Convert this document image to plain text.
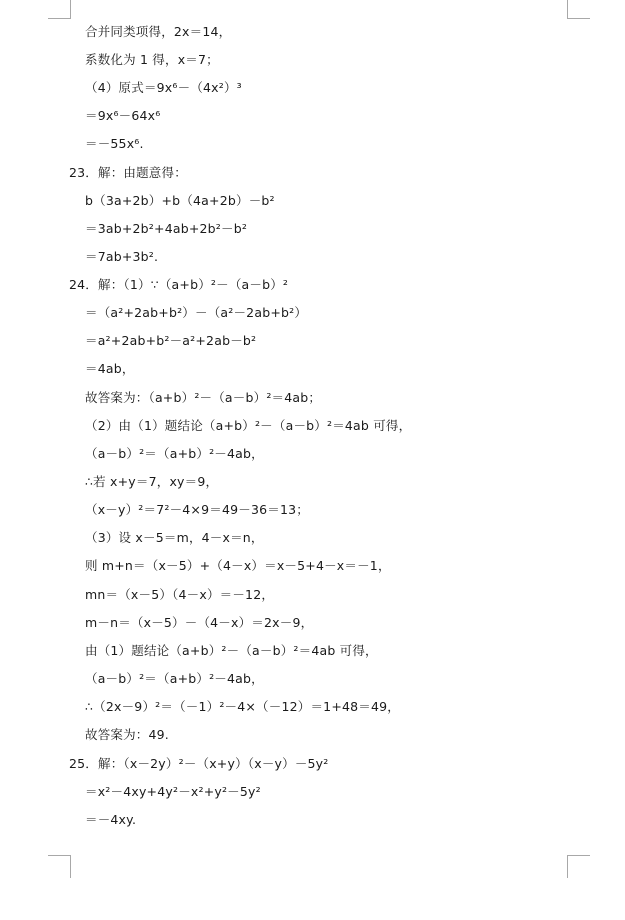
合并同类项得，2x＝14，
系数化为 1 得，x＝7；
（4）原式＝9x⁶－（4x²）³
＝9x⁶－64x⁶
＝－55x⁶.
23．解：由题意得：
b（3a+2b）+b（4a+2b）－b²
＝3ab+2b²+4ab+2b²－b²
＝7ab+3b².
24．解：（1）∵（a+b）²－（a－b）²
＝（a²+2ab+b²）－（a²－2ab+b²）
＝a²+2ab+b²－a²+2ab－b²
＝4ab，
故答案为：（a+b）²－（a－b）²＝4ab；
（2）由（1）题结论（a+b）²－（a－b）²＝4ab 可得，
（a－b）²＝（a+b）²－4ab，
∴若 x+y＝7，xy＝9，
（x－y）²＝7²－4×9＝49－36＝13；
（3）设 x－5＝m，4－x＝n，
则 m+n＝（x－5）+（4－x）＝x－5+4－x＝－1，
mn＝（x－5）（4－x）＝－12，
m－n＝（x－5）－（4－x）＝2x－9，
由（1）题结论（a+b）²－（a－b）²＝4ab 可得，
（a－b）²＝（a+b）²－4ab，
∴（2x－9）²＝（－1）²－4×（－12）＝1+48＝49，
故答案为：49.
25．解：（x－2y）²－（x+y）（x－y）－5y²
＝x²－4xy+4y²－x²+y²－5y²
＝－4xy.
